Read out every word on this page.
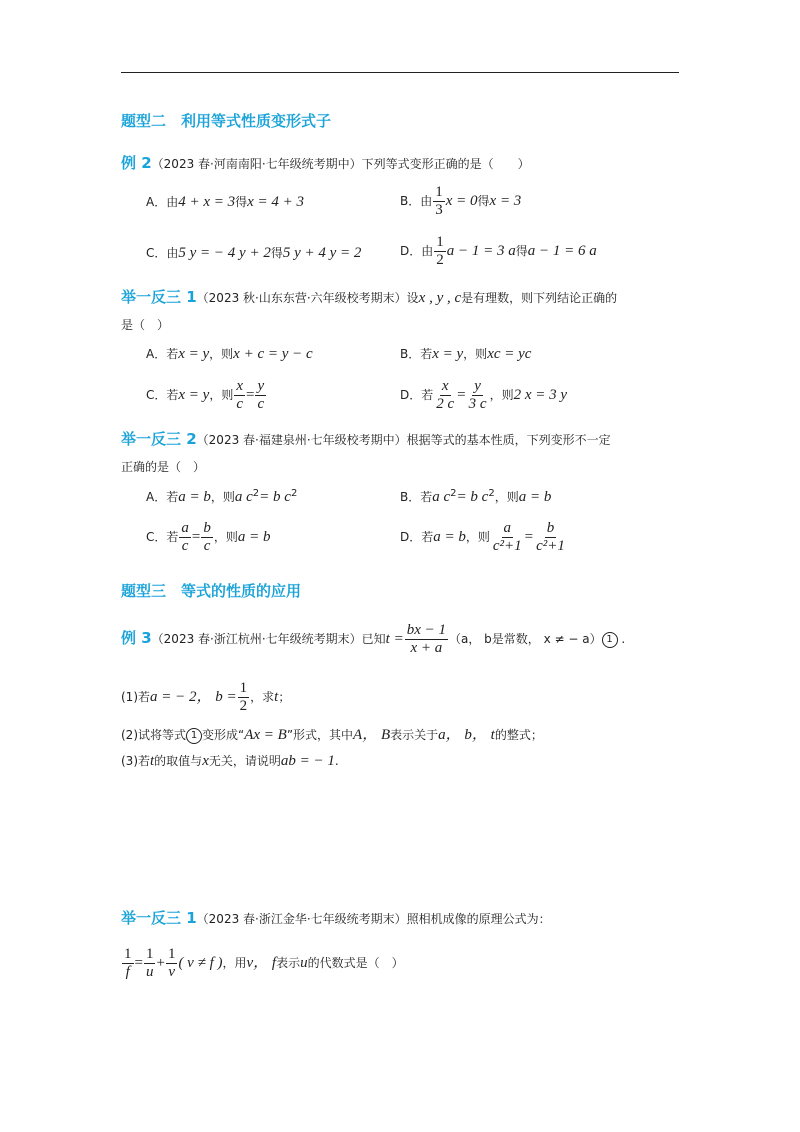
题型二　利用等式性质变形式子
例 2（2023 春·河南南阳·七年级统考期中）下列等式变形正确的是（　　）
A．由4 + x = 3得x = 4 + 3	B．由 $\frac{1}{3}$ x = 0得x = 3
C．由5 y = − 4 y + 2得5 y + 4 y = 2	D．由 $\frac{1}{2}$ a − 1 = 3 a得a − 1 = 6 a
举一反三 1（2023 秋·山东东营·六年级校考期末）设x , y , c是有理数，则下列结论正确的
是（　）
A．若x = y，则x + c = y − c	B．若x = y，则xc = yc
C．若x = y，则 $\frac{x}{c} = \frac{y}{c}$	D．若 $\frac{x}{2 c} = \frac{y}{3 c}$ ，则2 x = 3 y
举一反三 2（2023 春·福建泉州·七年级校考期中）根据等式的基本性质，下列变形不一定
正确的是（　）
A．若a = b，则a $c^2= b$ $c^2$	B．若a $c^2= b$ $c^2$，则a = b
C．若 $\frac{a}{c} = \frac{b}{c}$ ，则a = b	D．若a = b，则 $\frac{a}{\text{c²+1}} = \frac{b}{\text{c²+1}}$
题型三　等式的性质的应用
例 3（2023 春·浙江杭州·七年级统考期末）已知$t = \frac{bx - 1}{x + a} (a$， b是常数， x ≠ − a） 1 .
(1)若a = − 2， $b = \frac{1}{2}$ ，求t；
(2)试将等式 1 变形成“Ax = B”形式，其中A， B表示关于a， b， t的整式；
(3)若t的取值与x无关，请说明ab = − 1.
举一反三 1（2023 春·浙江金华·七年级统考期末）照相机成像的原理公式为：
$\frac{1}{f} = \frac{1}{u} + \frac{1}{v}$ ( v ≠ f )，用v， f表示u的代数式是（　）
